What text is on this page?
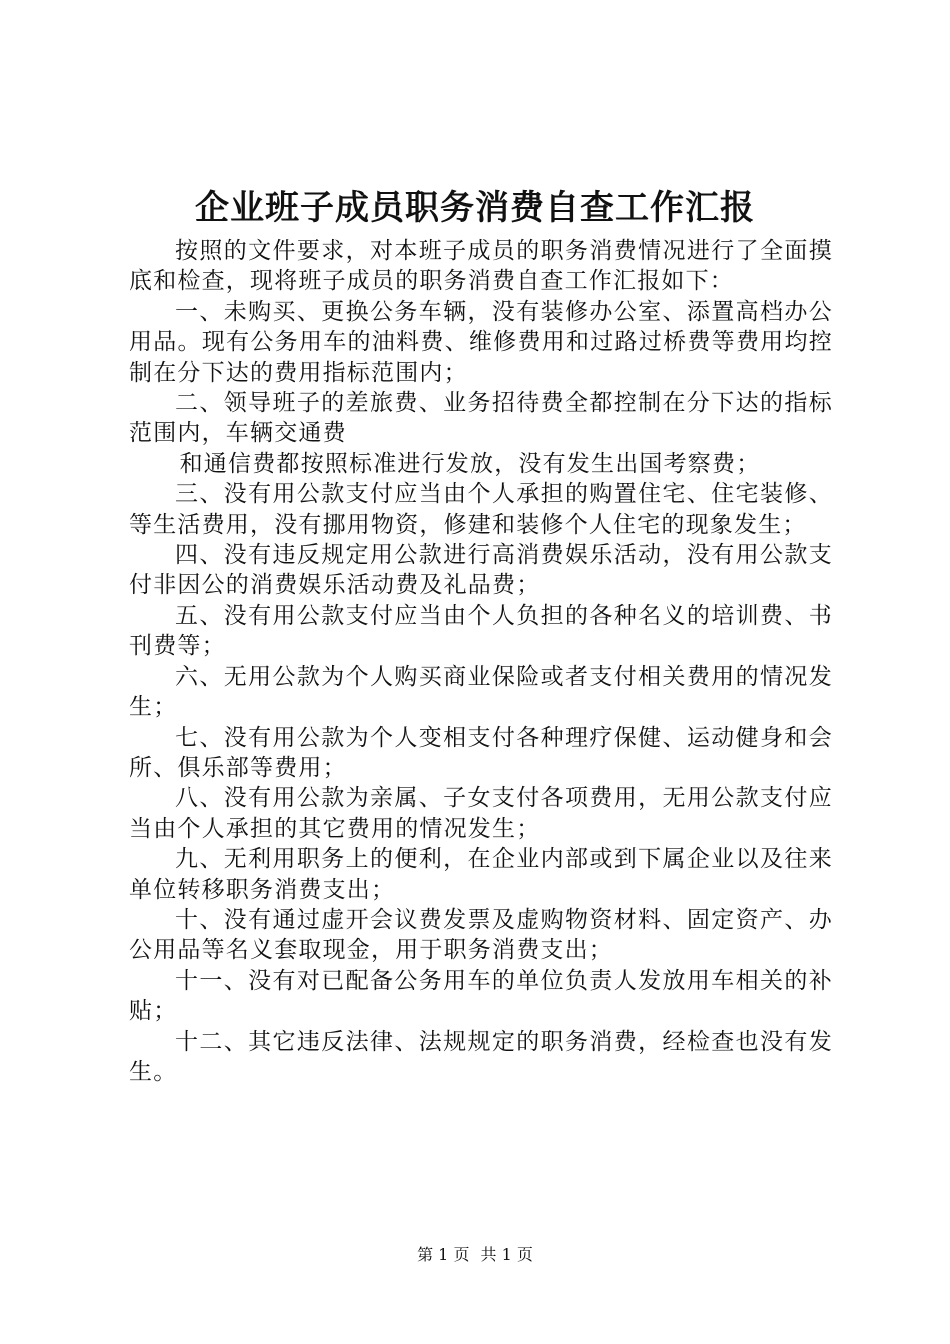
企业班子成员职务消费自查工作汇报

按照的文件要求，对本班子成员的职务消费情况进行了全面摸底和检查，现将班子成员的职务消费自查工作汇报如下：

一、未购买、更换公务车辆，没有装修办公室、添置高档办公用品。现有公务用车的油料费、维修费用和过路过桥费等费用均控制在分下达的费用指标范围内；

二、领导班子的差旅费、业务招待费全都控制在分下达的指标范围内，车辆交通费

和通信费都按照标准进行发放，没有发生出国考察费；

三、没有用公款支付应当由个人承担的购置住宅、住宅装修、等生活费用，没有挪用物资，修建和装修个人住宅的现象发生；

四、没有违反规定用公款进行高消费娱乐活动，没有用公款支付非因公的消费娱乐活动费及礼品费；

五、没有用公款支付应当由个人负担的各种名义的培训费、书刊费等；

六、无用公款为个人购买商业保险或者支付相关费用的情况发生；

七、没有用公款为个人变相支付各种理疗保健、运动健身和会所、俱乐部等费用；

八、没有用公款为亲属、子女支付各项费用，无用公款支付应当由个人承担的其它费用的情况发生；

九、无利用职务上的便利，在企业内部或到下属企业以及往来单位转移职务消费支出；

十、没有通过虚开会议费发票及虚购物资材料、固定资产、办公用品等名义套取现金，用于职务消费支出；

十一、没有对已配备公务用车的单位负责人发放用车相关的补贴；

十二、其它违反法律、法规规定的职务消费，经检查也没有发生。

第 1 页 共 1 页
